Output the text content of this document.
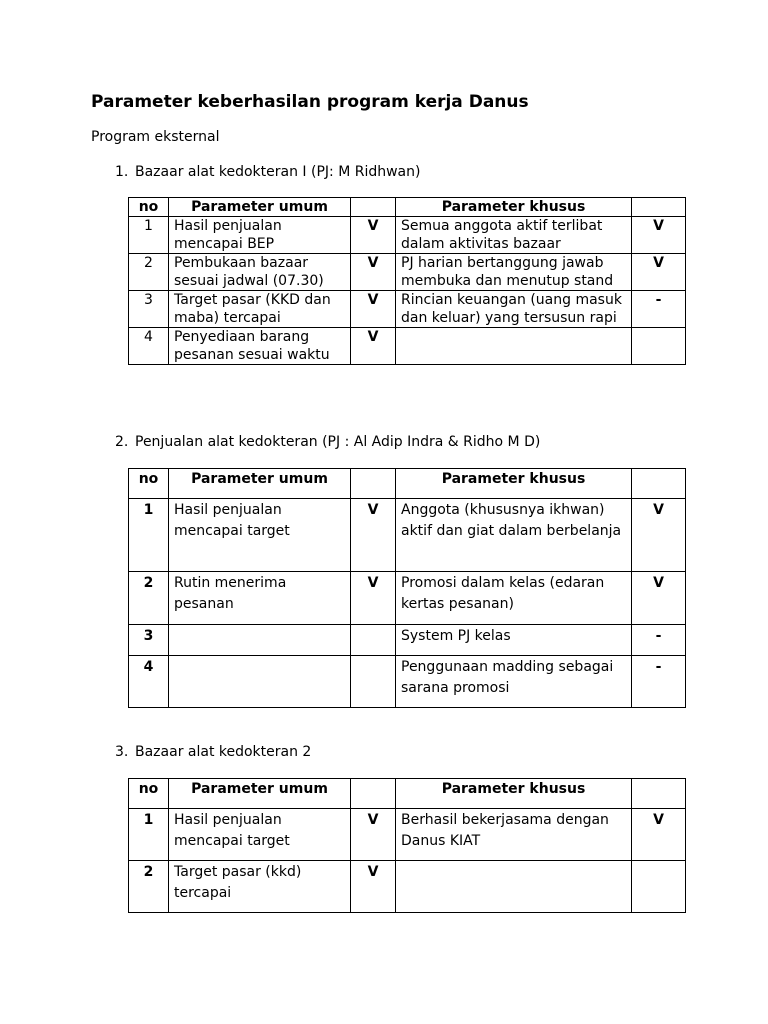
Parameter keberhasilan program kerja Danus
Program eksternal
1. Bazaar alat kedokteran I (PJ: M Ridhwan)
no	Parameter umum		Parameter khusus	
1	Hasil penjualan mencapai BEP	V	Semua anggota aktif terlibat dalam aktivitas bazaar	V
2	Pembukaan bazaar sesuai jadwal (07.30)	V	PJ harian bertanggung jawab membuka dan menutup stand	V
3	Target pasar (KKD dan maba) tercapai	V	Rincian keuangan (uang masuk dan keluar) yang tersusun rapi	-
4	Penyediaan barang pesanan sesuai waktu	V		
2. Penjualan alat kedokteran (PJ : Al Adip Indra & Ridho M D)
no	Parameter umum		Parameter khusus	
1	Hasil penjualan mencapai target	V	Anggota (khususnya ikhwan) aktif dan giat dalam berbelanja	V
2	Rutin menerima pesanan	V	Promosi dalam kelas (edaran kertas pesanan)	V
3			System PJ kelas	-
4			Penggunaan madding sebagai sarana promosi	-
3. Bazaar alat kedokteran 2
no	Parameter umum		Parameter khusus	
1	Hasil penjualan mencapai target	V	Berhasil bekerjasama dengan Danus KIAT	V
2	Target pasar (kkd) tercapai	V		
